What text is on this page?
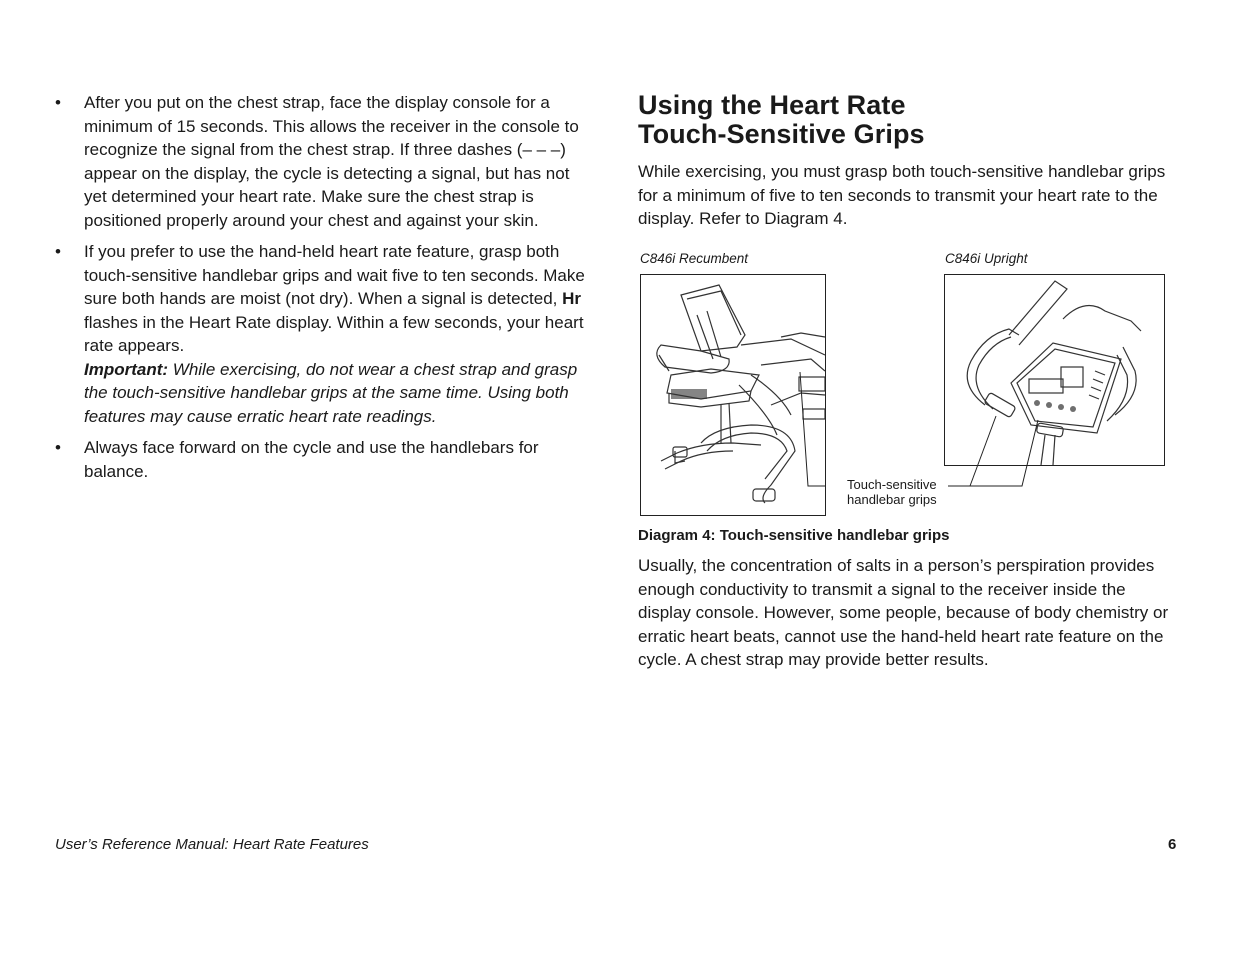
• After you put on the chest strap, face the display console for a minimum of 15 seconds. This allows the receiver in the console to recognize the signal from the chest strap. If three dashes (– – –) appear on the display, the cycle is detecting a signal, but has not yet determined your heart rate. Make sure the chest strap is positioned properly around your chest and against your skin.

• If you prefer to use the hand-held heart rate feature, grasp both touch-sensitive handlebar grips and wait five to ten seconds. Make sure both hands are moist (not dry). When a signal is detected, Hr flashes in the Heart Rate display. Within a few seconds, your heart rate appears.

Important: While exercising, do not wear a chest strap and grasp the touch-sensitive handlebar grips at the same time. Using both features may cause erratic heart rate readings.

• Always face forward on the cycle and use the handlebars for balance.

Using the Heart Rate
Touch-Sensitive Grips

While exercising, you must grasp both touch-sensitive handlebar grips for a minimum of five to ten seconds to transmit your heart rate to the display. Refer to Diagram 4.

C846i Recumbent	C846i Upright
Touch-sensitive
handlebar grips
Diagram 4: Touch-sensitive handlebar grips

Usually, the concentration of salts in a person’s perspiration provides enough conductivity to transmit a signal to the receiver inside the display console. However, some people, because of body chemistry or erratic heart beats, cannot use the hand-held heart rate feature on the cycle. A chest strap may provide better results.

User’s Reference Manual: Heart Rate Features	6
